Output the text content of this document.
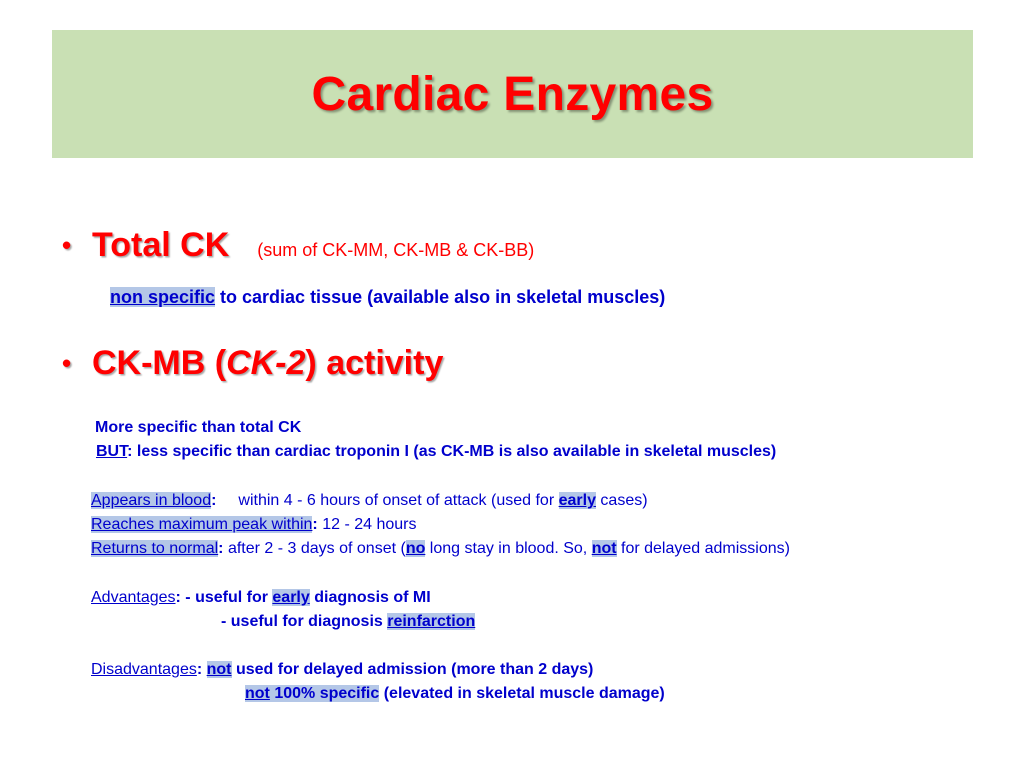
Cardiac Enzymes
• Total CK (sum of CK-MM, CK-MB & CK-BB)
non specific to cardiac tissue (available also in skeletal muscles)
• CK-MB (CK-2) activity
More specific than total CK
BUT: less specific than cardiac troponin I (as CK-MB is also available in skeletal muscles)
Appears in blood: within 4 - 6 hours of onset of attack (used for early cases)
Reaches maximum peak within: 12 - 24 hours
Returns to normal: after 2 - 3 days of onset (no long stay in blood. So, not for delayed admissions)
Advantages: - useful for early diagnosis of MI
- useful for diagnosis reinfarction
Disadvantages: not used for delayed admission (more than 2 days)
not 100% specific (elevated in skeletal muscle damage)
